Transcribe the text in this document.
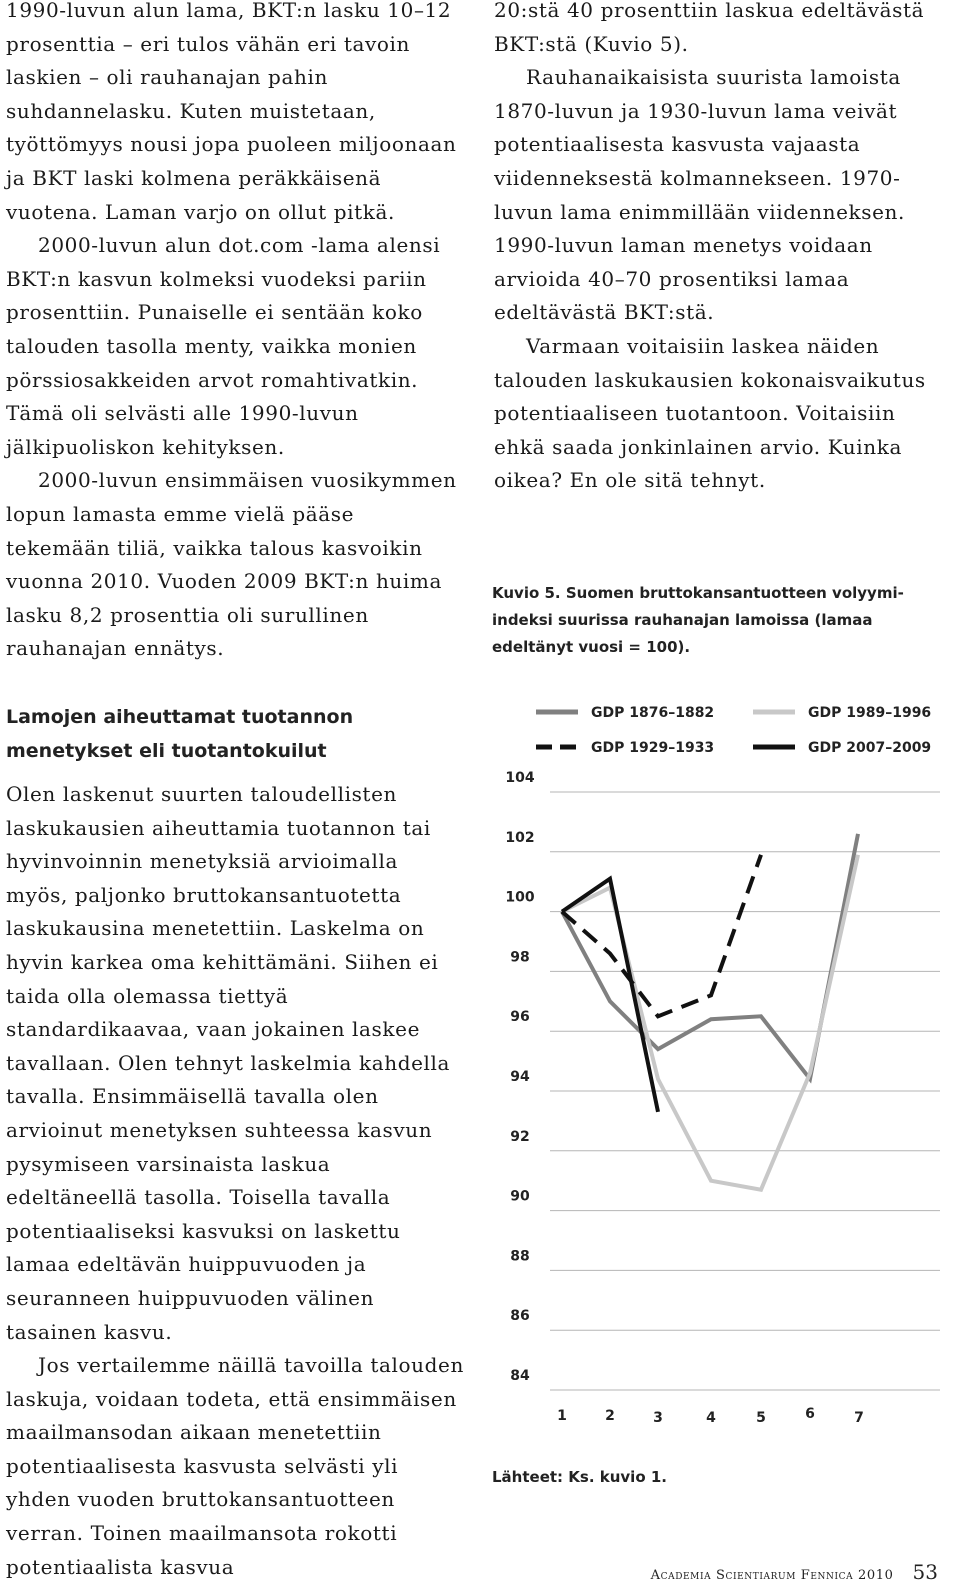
1990-luvun alun lama, BKT:n lasku 10–12 prosenttia – eri tulos vähän eri tavoin laskien – oli rauhanajan pahin suhdannelasku. Kuten muistetaan, työttömyys nousi jopa puoleen miljoonaan ja BKT laski kolmena peräkkäisenä vuotena. Laman varjo on ollut pitkä.

2000-luvun alun dot.com -lama alensi BKT:n kasvun kolmeksi vuodeksi pariin prosenttiin. Punaiselle ei sentään koko talouden tasolla menty, vaikka monien pörssiosakkeiden arvot romahtivatkin. Tämä oli selvästi alle 1990-luvun jälkipuoliskon kehityksen.

2000-luvun ensimmäisen vuosikymmen lopun lamasta emme vielä pääse tekemään tiliä, vaikka talous kasvoikin vuonna 2010. Vuoden 2009 BKT:n huima lasku 8,2 prosenttia oli surullinen rauhanajan ennätys.

Lamojen aiheuttamat tuotannon menetykset eli tuotantokuilut

Olen laskenut suurten taloudellisten laskukausien aiheuttamia tuotannon tai hyvinvoinnin menetyksiä arvioimalla myös, paljonko bruttokansantuotetta laskukausina menetettiin. Laskelma on hyvin karkea oma kehittämäni. Siihen ei taida olla olemassa tiettyä standardikaavaa, vaan jokainen laskee tavallaan. Olen tehnyt laskelmia kahdella tavalla. Ensimmäisellä tavalla olen arvioinut menetyksen suhteessa kasvun pysymiseen varsinaista laskua edeltäneellä tasolla. Toisella tavalla potentiaaliseksi kasvuksi on laskettu lamaa edeltävän huippuvuoden ja seuranneen huippuvuoden välinen tasainen kasvu.

Jos vertailemme näillä tavoilla talouden laskuja, voidaan todeta, että ensimmäisen maailmansodan aikaan menetettiin potentiaalisesta kasvusta selvästi yli yhden vuoden bruttokansantuotteen verran. Toinen maailmansota rokotti potentiaalista kasvua

20:stä 40 prosenttiin laskua edeltävästä BKT:stä (Kuvio 5).

Rauhanaikaisista suurista lamoista 1870-luvun ja 1930-luvun lama veivät potentiaalisesta kasvusta vajaasta viidenneksestä kolmannekseen. 1970-luvun lama enimmillään viidenneksen. 1990-luvun laman menetys voidaan arvioida 40–70 prosentiksi lamaa edeltävästä BKT:stä.

Varmaan voitaisiin laskea näiden talouden laskukausien kokonaisvaikutus potentiaaliseen tuotantoon. Voitaisiin ehkä saada jonkinlainen arvio. Kuinka oikea? En ole sitä tehnyt.

Kuvio 5. Suomen bruttokansantuotteen volyymi-indeksi suurissa rauhanajan lamoissa (lamaa edeltänyt vuosi = 100).
104
102
100
98
96
94
92
90
88
86
84
1	2	3	4	5	6	7
GDP 1876–1882	GDP 1989–1996
GDP 1929–1933	GDP 2007–2009
Lähteet: Ks. kuvio 1.
Academia Scientiarum Fennica 2010 53
